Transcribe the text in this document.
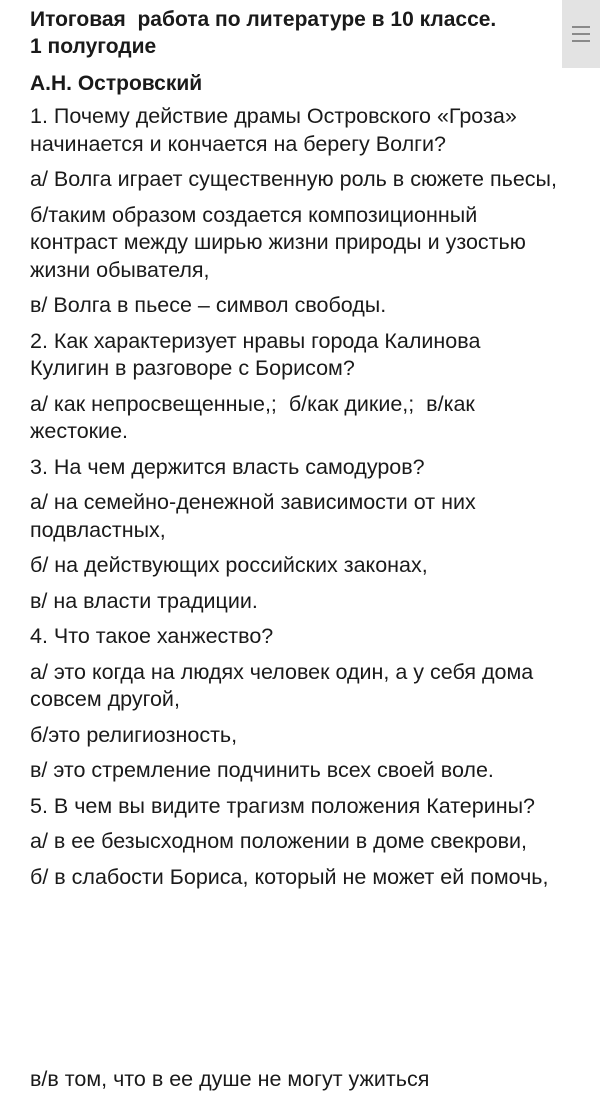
Итоговая  работа по литературе в 10 классе.
1 полугодие
А.Н. Островский
1. Почему действие драмы Островского «Гроза» начинается и кончается на берегу Волги?
а/ Волга играет существенную роль в сюжете пьесы,
б/таким образом создается композиционный контраст между ширью жизни природы и узостью жизни обывателя,
в/ Волга в пьесе – символ свободы.
2. Как характеризует нравы города Калинова Кулигин в разговоре с Борисом?
а/ как непросвещенные,;  б/как дикие,;  в/как жестокие.
3. На чем держится власть самодуров?
а/ на семейно-денежной зависимости от них подвластных,
б/ на действующих российских законах,
в/ на власти традиции.
4. Что такое ханжество?
а/ это когда на людях человек один, а у себя дома совсем другой,
б/это религиозность,
в/ это стремление подчинить всех своей воле.
5. В чем вы видите трагизм положения Катерины?
а/ в ее безысходном положении в доме свекрови,
б/ в слабости Бориса, который не может ей помочь,
в/в том, что в ее душе не могут ужиться
